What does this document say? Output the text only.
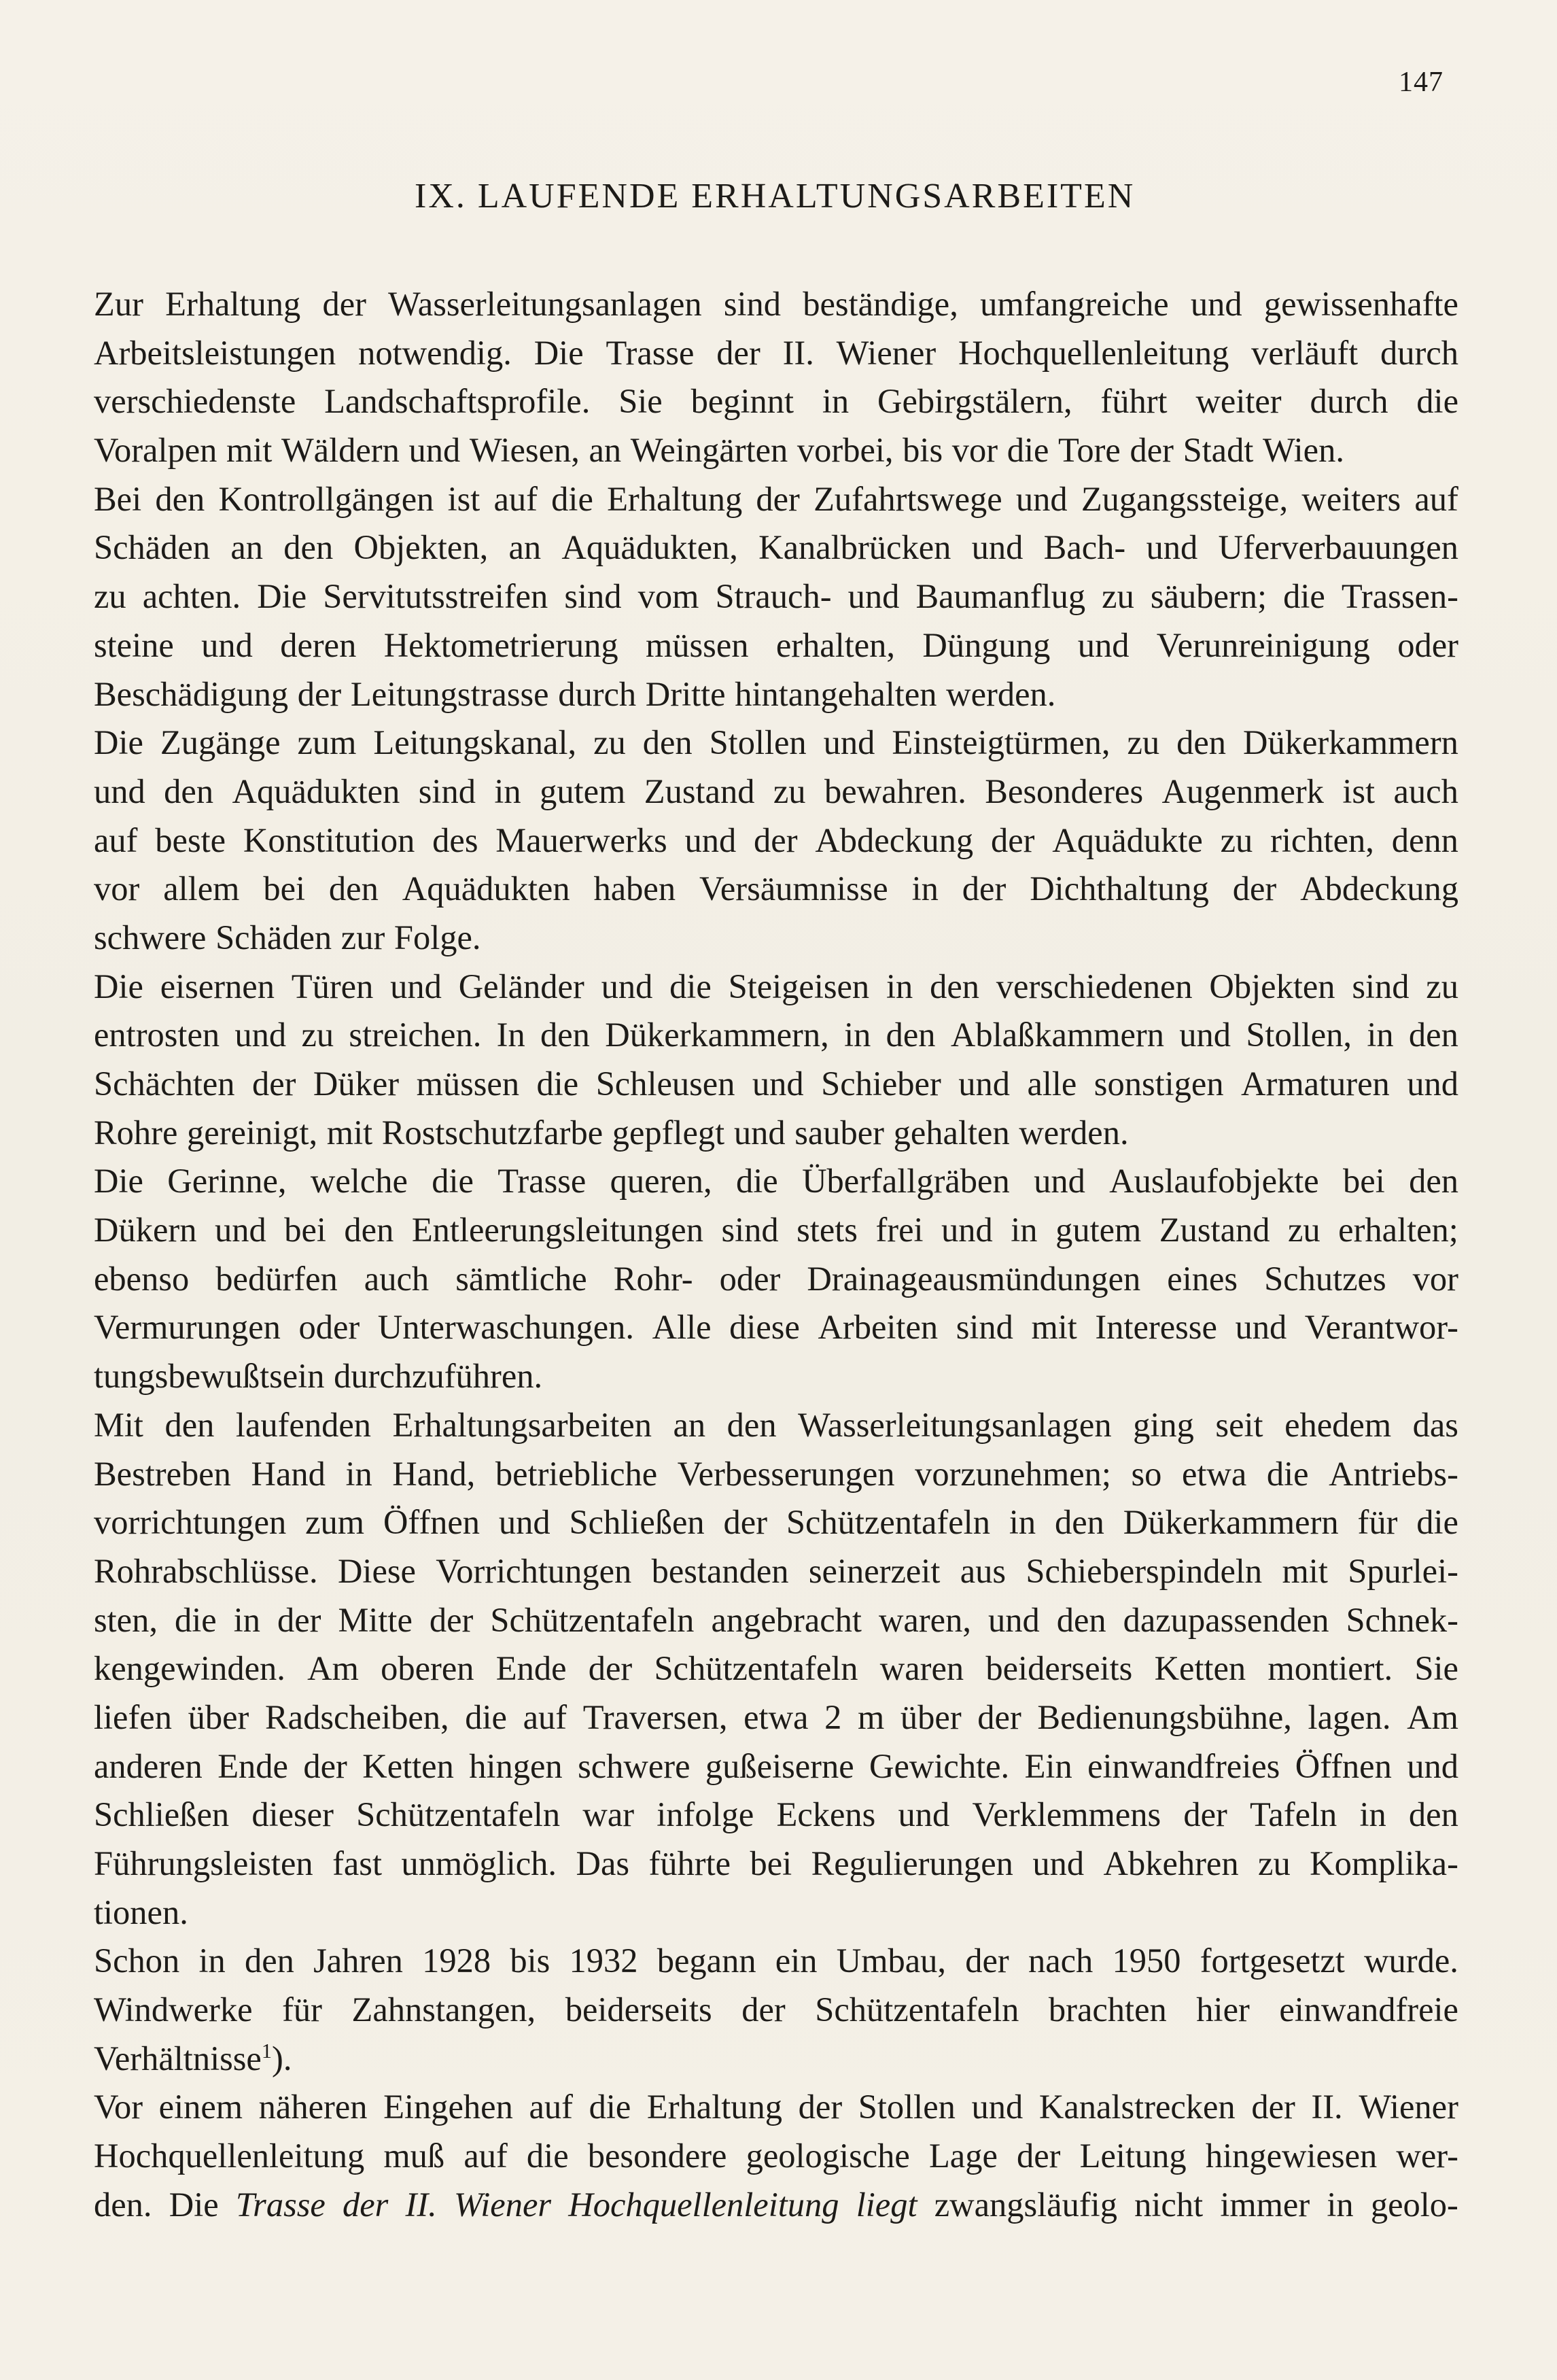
147
IX. LAUFENDE ERHALTUNGSARBEITEN
Zur Erhaltung der Wasserleitungsanlagen sind beständige, umfangreiche und gewissenhafte
Arbeitsleistungen notwendig. Die Trasse der II. Wiener Hochquellenleitung verläuft durch
verschiedenste Landschaftsprofile. Sie beginnt in Gebirgstälern, führt weiter durch die
Voralpen mit Wäldern und Wiesen, an Weingärten vorbei, bis vor die Tore der Stadt Wien.
Bei den Kontrollgängen ist auf die Erhaltung der Zufahrtswege und Zugangssteige, weiters auf
Schäden an den Objekten, an Aquädukten, Kanalbrücken und Bach- und Uferverbauungen
zu achten. Die Servitutsstreifen sind vom Strauch- und Baumanflug zu säubern; die Trassen-
steine und deren Hektometrierung müssen erhalten, Düngung und Verunreinigung oder
Beschädigung der Leitungstrasse durch Dritte hintangehalten werden.
Die Zugänge zum Leitungskanal, zu den Stollen und Einsteigtürmen, zu den Dükerkammern
und den Aquädukten sind in gutem Zustand zu bewahren. Besonderes Augenmerk ist auch
auf beste Konstitution des Mauerwerks und der Abdeckung der Aquädukte zu richten, denn
vor allem bei den Aquädukten haben Versäumnisse in der Dichthaltung der Abdeckung
schwere Schäden zur Folge.
Die eisernen Türen und Geländer und die Steigeisen in den verschiedenen Objekten sind zu
entrosten und zu streichen. In den Dükerkammern, in den Ablaßkammern und Stollen, in den
Schächten der Düker müssen die Schleusen und Schieber und alle sonstigen Armaturen und
Rohre gereinigt, mit Rostschutzfarbe gepflegt und sauber gehalten werden.
Die Gerinne, welche die Trasse queren, die Überfallgräben und Auslaufobjekte bei den
Dükern und bei den Entleerungsleitungen sind stets frei und in gutem Zustand zu erhalten;
ebenso bedürfen auch sämtliche Rohr- oder Drainageausmündungen eines Schutzes vor
Vermurungen oder Unterwaschungen. Alle diese Arbeiten sind mit Interesse und Verantwor-
tungsbewußtsein durchzuführen.
Mit den laufenden Erhaltungsarbeiten an den Wasserleitungsanlagen ging seit ehedem das
Bestreben Hand in Hand, betriebliche Verbesserungen vorzunehmen; so etwa die Antriebs-
vorrichtungen zum Öffnen und Schließen der Schützentafeln in den Dükerkammern für die
Rohrabschlüsse. Diese Vorrichtungen bestanden seinerzeit aus Schieberspindeln mit Spurlei-
sten, die in der Mitte der Schützentafeln angebracht waren, und den dazupassenden Schnek-
kengewinden. Am oberen Ende der Schützentafeln waren beiderseits Ketten montiert. Sie
liefen über Radscheiben, die auf Traversen, etwa 2 m über der Bedienungsbühne, lagen. Am
anderen Ende der Ketten hingen schwere gußeiserne Gewichte. Ein einwandfreies Öffnen und
Schließen dieser Schützentafeln war infolge Eckens und Verklemmens der Tafeln in den
Führungsleisten fast unmöglich. Das führte bei Regulierungen und Abkehren zu Komplika-
tionen.
Schon in den Jahren 1928 bis 1932 begann ein Umbau, der nach 1950 fortgesetzt wurde.
Windwerke für Zahnstangen, beiderseits der Schützentafeln brachten hier einwandfreie
Verhältnisse$^1$).
Vor einem näheren Eingehen auf die Erhaltung der Stollen und Kanalstrecken der II. Wiener
Hochquellenleitung muß auf die besondere geologische Lage der Leitung hingewiesen wer-
den. Die Trasse der II. Wiener Hochquellenleitung liegt zwangsläufig nicht immer in geolo-
